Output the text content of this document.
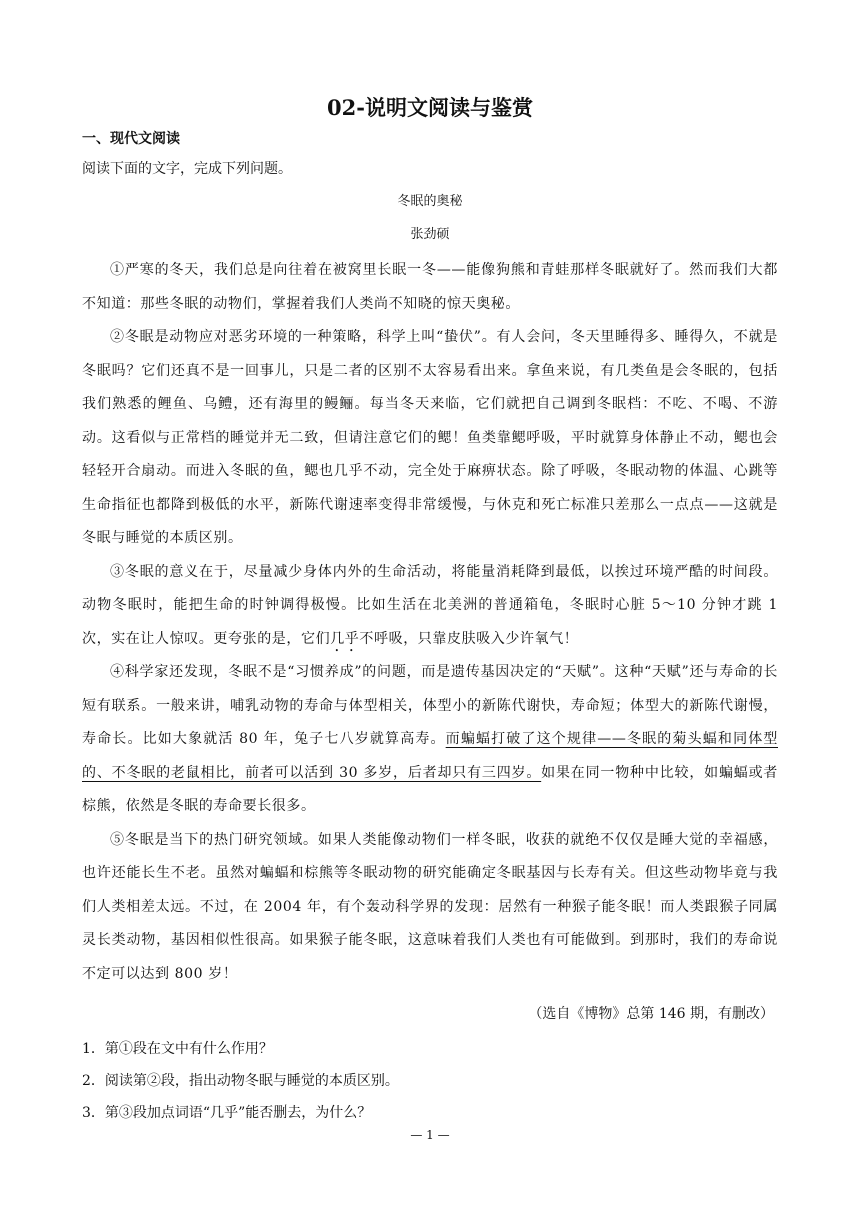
02-说明文阅读与鉴赏
一、现代文阅读
阅读下面的文字，完成下列问题。
冬眠的奥秘
张劲硕

①严寒的冬天，我们总是向往着在被窝里长眠一冬——能像狗熊和青蛙那样冬眠就好了。然而我们大都不知道：那些冬眠的动物们，掌握着我们人类尚不知晓的惊天奥秘。

②冬眠是动物应对恶劣环境的一种策略，科学上叫“蛰伏”。有人会问，冬天里睡得多、睡得久，不就是冬眠吗？它们还真不是一回事儿，只是二者的区别不太容易看出来。拿鱼来说，有几类鱼是会冬眠的，包括我们熟悉的鲤鱼、乌鳢，还有海里的鳗鲡。每当冬天来临，它们就把自己调到冬眠档：不吃、不喝、不游动。这看似与正常档的睡觉并无二致，但请注意它们的鳃！鱼类靠鳃呼吸，平时就算身体静止不动，鳃也会轻轻开合扇动。而进入冬眠的鱼，鳃也几乎不动，完全处于麻痹状态。除了呼吸，冬眠动物的体温、心跳等生命指征也都降到极低的水平，新陈代谢速率变得非常缓慢，与休克和死亡标准只差那么一点点——这就是冬眠与睡觉的本质区别。

③冬眠的意义在于，尽量减少身体内外的生命活动，将能量消耗降到最低，以挨过环境严酷的时间段。动物冬眠时，能把生命的时钟调得极慢。比如生活在北美洲的普通箱龟，冬眠时心脏 5～10 分钟才跳 1 次，实在让人惊叹。更夸张的是，它们几乎不呼吸，只靠皮肤吸入少许氧气！

④科学家还发现，冬眠不是“习惯养成”的问题，而是遗传基因决定的“天赋”。这种“天赋”还与寿命的长短有联系。一般来讲，哺乳动物的寿命与体型相关，体型小的新陈代谢快，寿命短；体型大的新陈代谢慢，寿命长。比如大象就活 80 年，兔子七八岁就算高寿。而蝙蝠打破了这个规律——冬眠的菊头蝠和同体型的、不冬眠的老鼠相比，前者可以活到 30 多岁，后者却只有三四岁。如果在同一物种中比较，如蝙蝠或者棕熊，依然是冬眠的寿命要长很多。

⑤冬眠是当下的热门研究领域。如果人类能像动物们一样冬眠，收获的就绝不仅仅是睡大觉的幸福感，也许还能长生不老。虽然对蝙蝠和棕熊等冬眠动物的研究能确定冬眠基因与长寿有关。但这些动物毕竟与我们人类相差太远。不过，在 2004 年，有个轰动科学界的发现：居然有一种猴子能冬眠！而人类跟猴子同属灵长类动物，基因相似性很高。如果猴子能冬眠，这意味着我们人类也有可能做到。到那时，我们的寿命说不定可以达到 800 岁！

（选自《博物》总第 146 期，有删改）
1．第①段在文中有什么作用？
2．阅读第②段，指出动物冬眠与睡觉的本质区别。
3．第③段加点词语“几乎”能否删去，为什么？
— 1 —
